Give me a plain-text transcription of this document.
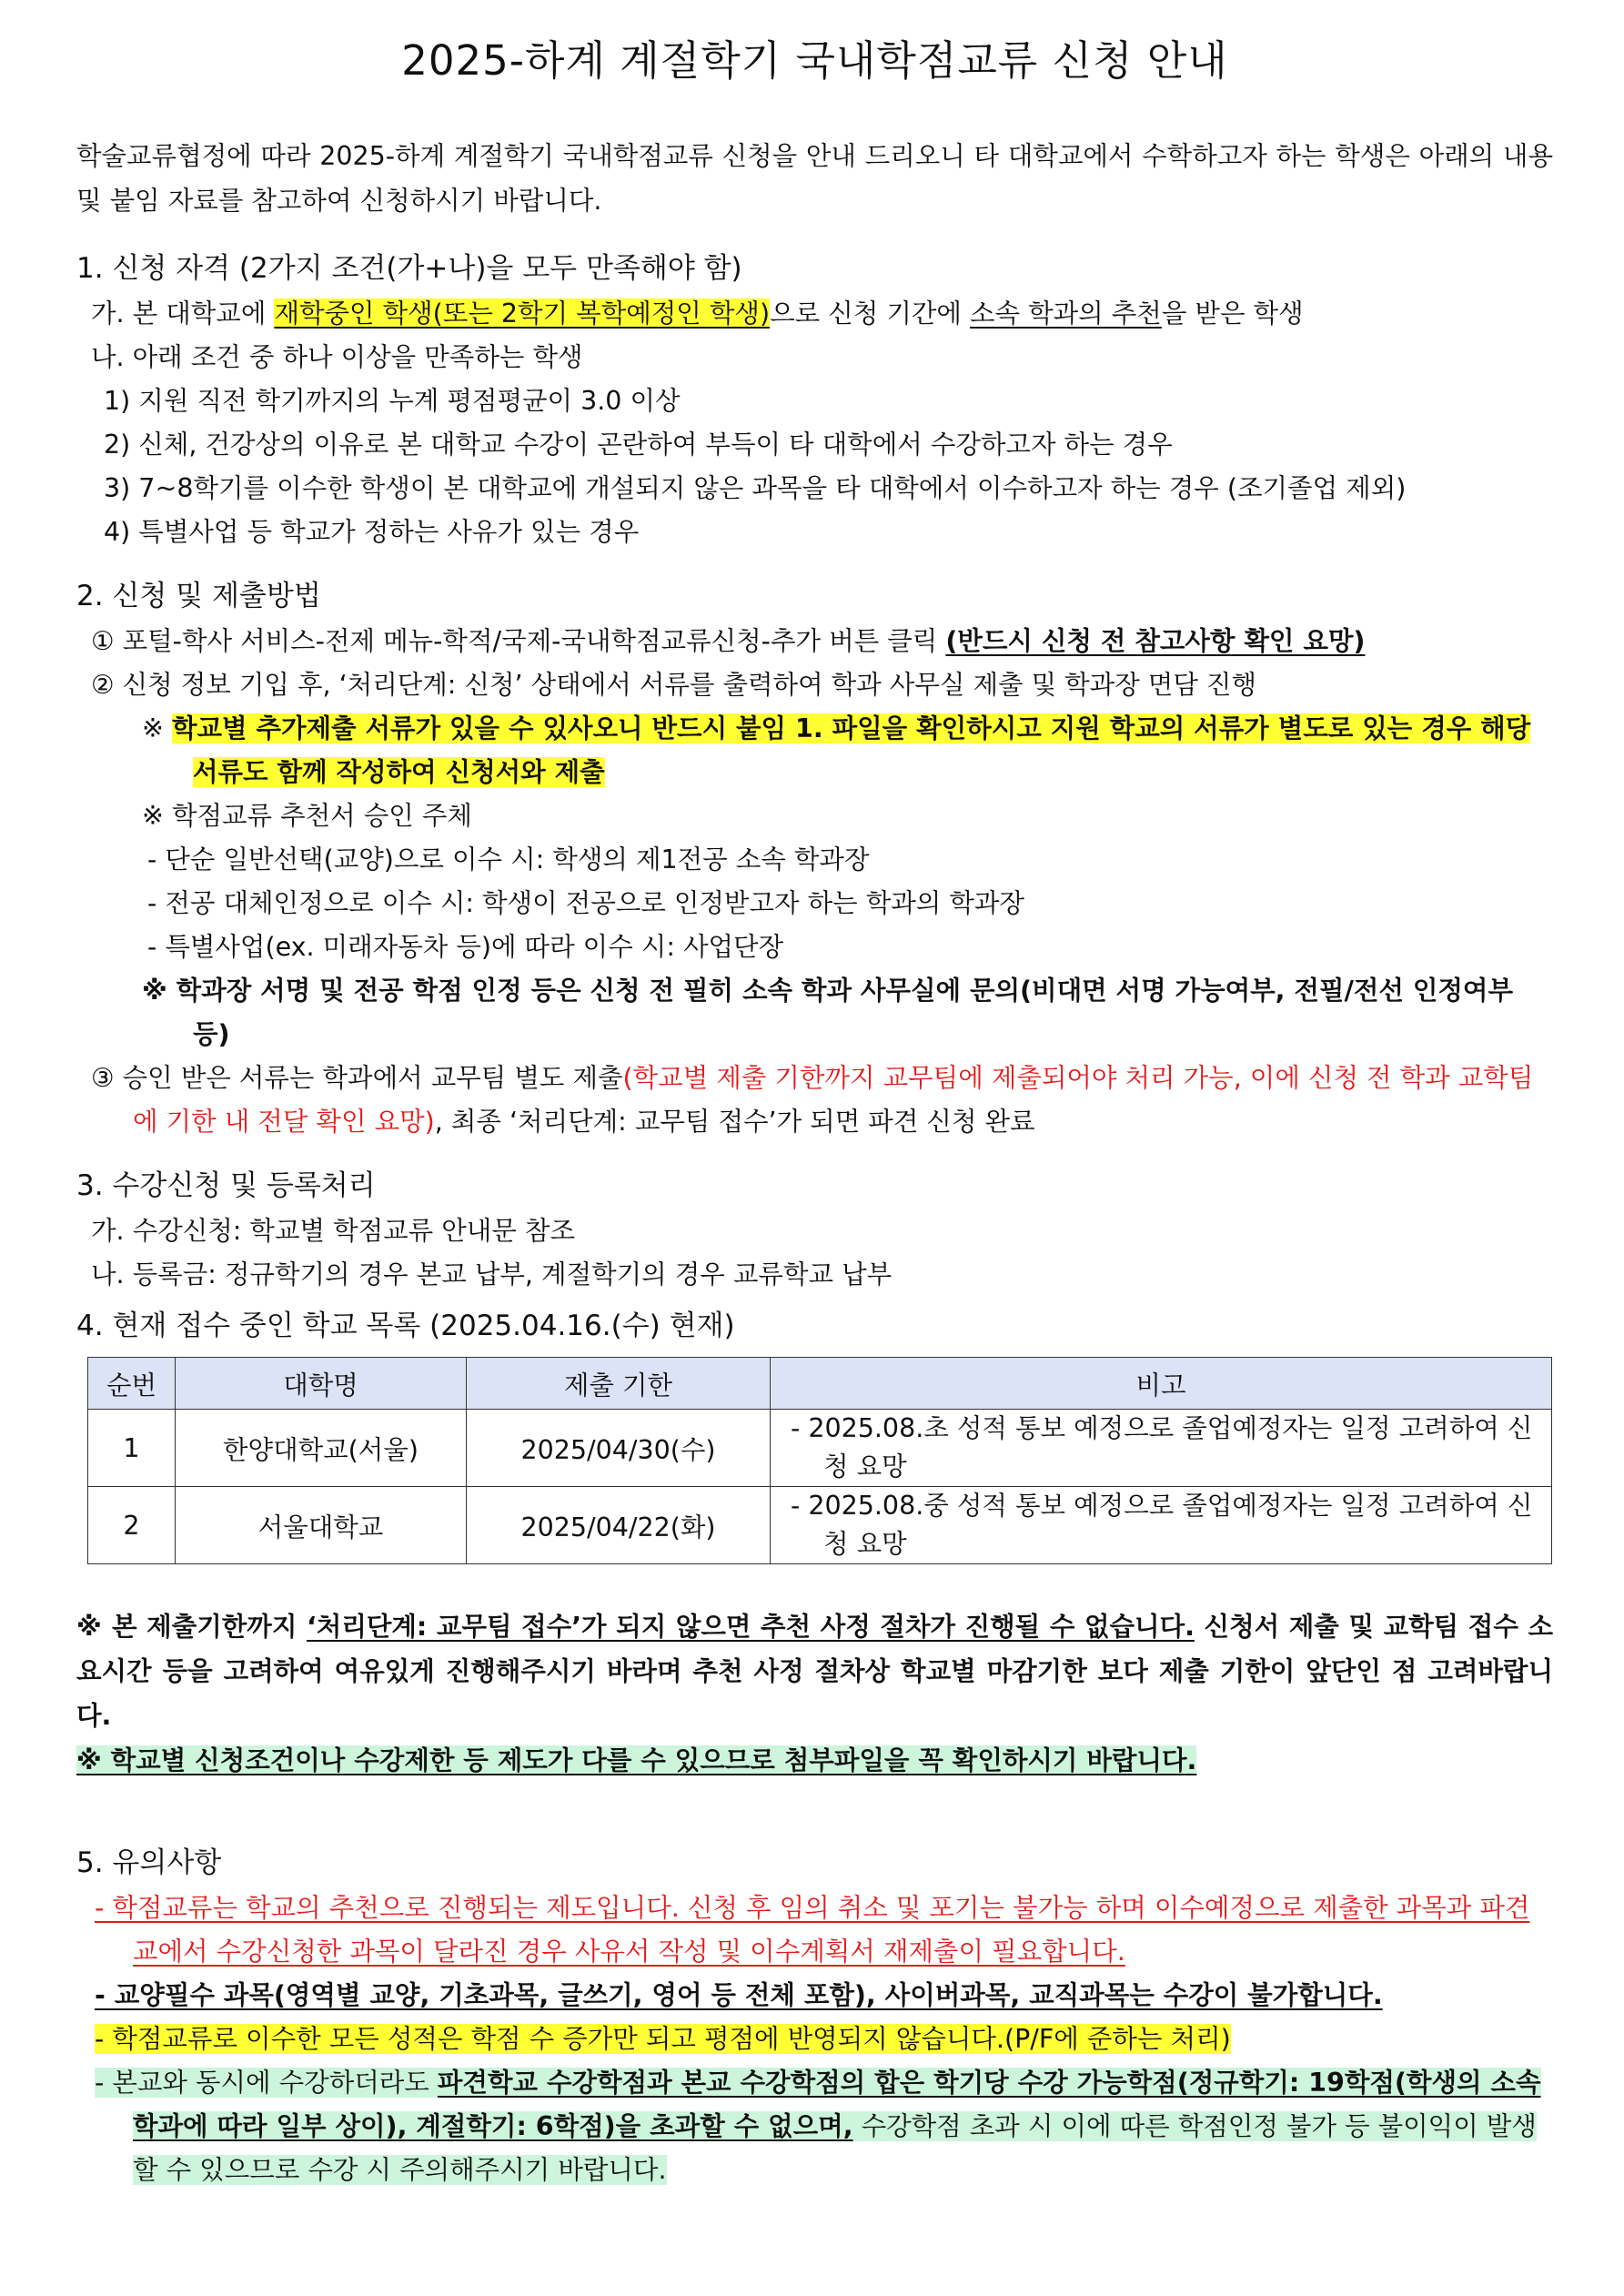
2025-하계 계절학기 국내학점교류 신청 안내

학술교류협정에 따라 2025-하계 계절학기 국내학점교류 신청을 안내 드리오니 타 대학교에서 수학하고자 하는 학생은 아래의 내용 및 붙임 자료를 참고하여 신청하시기 바랍니다.

1. 신청 자격 (2가지 조건(가+나)을 모두 만족해야 함)

가. 본 대학교에 재학중인 학생(또는 2학기 복학예정인 학생)으로 신청 기간에 소속 학과의 추천을 받은 학생

나. 아래 조건 중 하나 이상을 만족하는 학생

1) 지원 직전 학기까지의 누계 평점평균이 3.0 이상

2) 신체, 건강상의 이유로 본 대학교 수강이 곤란하여 부득이 타 대학에서 수강하고자 하는 경우

3) 7~8학기를 이수한 학생이 본 대학교에 개설되지 않은 과목을 타 대학에서 이수하고자 하는 경우 (조기졸업 제외)

4) 특별사업 등 학교가 정하는 사유가 있는 경우

2. 신청 및 제출방법

① 포털-학사 서비스-전제 메뉴-학적/국제-국내학점교류신청-추가 버튼 클릭 (반드시 신청 전 참고사항 확인 요망)

② 신청 정보 기입 후, ‘처리단계: 신청’ 상태에서 서류를 출력하여 학과 사무실 제출 및 학과장 면담 진행

※ 학교별 추가제출 서류가 있을 수 있사오니 반드시 붙임 1. 파일을 확인하시고 지원 학교의 서류가 별도로 있는 경우 해당 서류도 함께 작성하여 신청서와 제출

※ 학점교류 추천서 승인 주체

- 단순 일반선택(교양)으로 이수 시: 학생의 제1전공 소속 학과장

- 전공 대체인정으로 이수 시: 학생이 전공으로 인정받고자 하는 학과의 학과장

- 특별사업(ex. 미래자동차 등)에 따라 이수 시: 사업단장

※ 학과장 서명 및 전공 학점 인정 등은 신청 전 필히 소속 학과 사무실에 문의(비대면 서명 가능여부, 전필/전선 인정여부 등)

③ 승인 받은 서류는 학과에서 교무팀 별도 제출(학교별 제출 기한까지 교무팀에 제출되어야 처리 가능, 이에 신청 전 학과 교학팀에 기한 내 전달 확인 요망), 최종 ‘처리단계: 교무팀 접수’가 되면 파견 신청 완료

3. 수강신청 및 등록처리

가. 수강신청: 학교별 학점교류 안내문 참조

나. 등록금: 정규학기의 경우 본교 납부, 계절학기의 경우 교류학교 납부

4. 현재 접수 중인 학교 목록 (2025.04.16.(수) 현재)

순번	대학명	제출 기한	비고
1	한양대학교(서울)	2025/04/30(수)	- 2025.08.초 성적 통보 예정으로 졸업예정자는 일정 고려하여 신청 요망

2	서울대학교	2025/04/22(화)	- 2025.08.중 성적 통보 예정으로 졸업예정자는 일정 고려하여 신청 요망

※ 본 제출기한까지 ‘처리단계: 교무팀 접수’가 되지 않으면 추천 사정 절차가 진행될 수 없습니다. 신청서 제출 및 교학팀 접수 소요시간 등을 고려하여 여유있게 진행해주시기 바라며 추천 사정 절차상 학교별 마감기한 보다 제출 기한이 앞단인 점 고려바랍니다.

※ 학교별 신청조건이나 수강제한 등 제도가 다를 수 있으므로 첨부파일을 꼭 확인하시기 바랍니다.

5. 유의사항

- 학점교류는 학교의 추천으로 진행되는 제도입니다. 신청 후 임의 취소 및 포기는 불가능 하며 이수예정으로 제출한 과목과 파견교에서 수강신청한 과목이 달라진 경우 사유서 작성 및 이수계획서 재제출이 필요합니다.

- 교양필수 과목(영역별 교양, 기초과목, 글쓰기, 영어 등 전체 포함), 사이버과목, 교직과목는 수강이 불가합니다.

- 학점교류로 이수한 모든 성적은 학점 수 증가만 되고 평점에 반영되지 않습니다.(P/F에 준하는 처리)

- 본교와 동시에 수강하더라도 파견학교 수강학점과 본교 수강학점의 합은 학기당 수강 가능학점(정규학기: 19학점(학생의 소속학과에 따라 일부 상이), 계절학기: 6학점)을 초과할 수 없으며, 수강학점 초과 시 이에 따른 학점인정 불가 등 불이익이 발생할 수 있으므로 수강 시 주의해주시기 바랍니다.
